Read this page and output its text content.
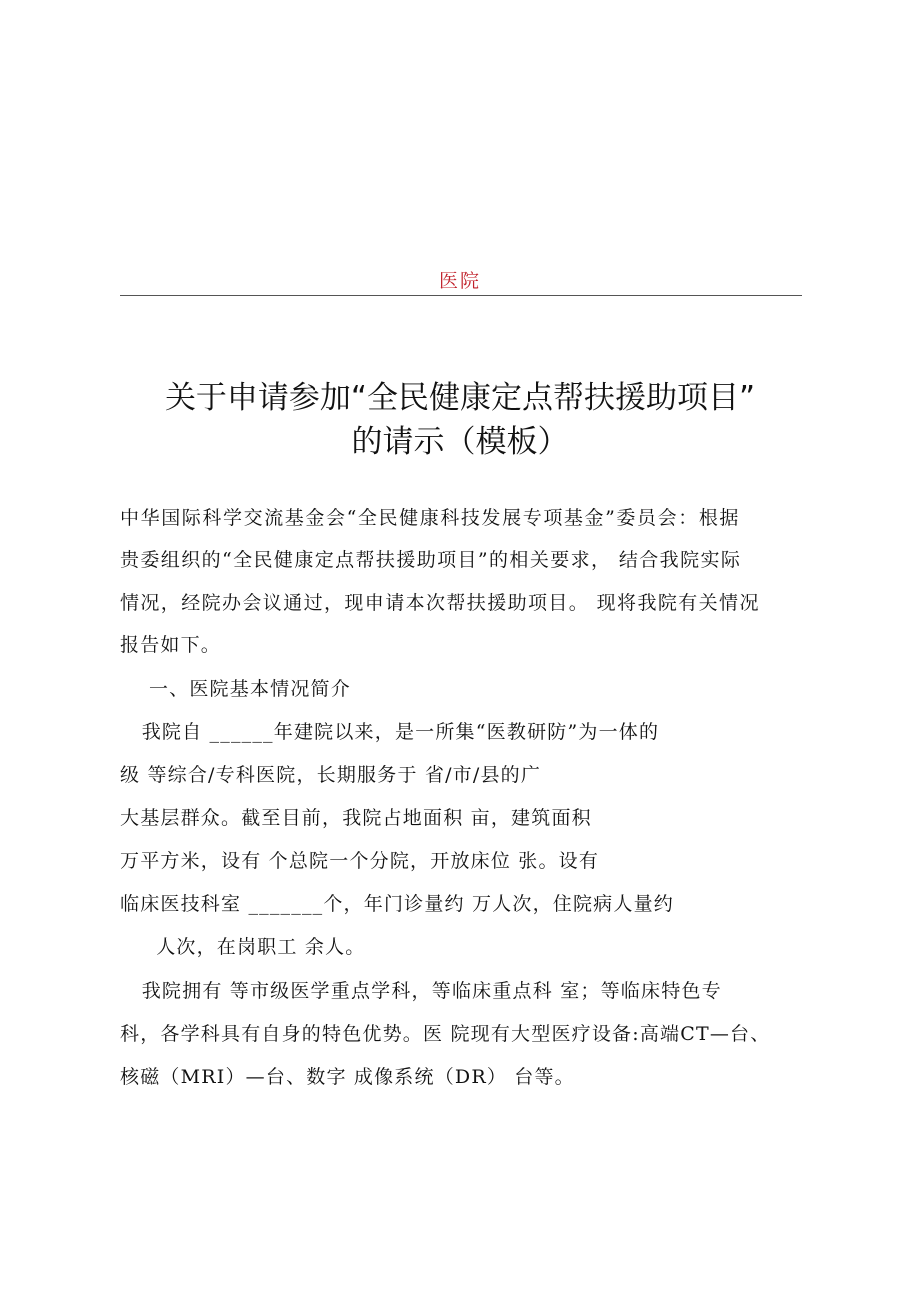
医院
关于申请参加“全民健康定点帮扶援助项目”
的请示（模板）
中华国际科学交流基金会“全民健康科技发展专项基金”委员会：根据
贵委组织的“全民健康定点帮扶援助项目”的相关要求， 结合我院实际
情况，经院办会议通过，现申请本次帮扶援助项目。 现将我院有关情况
报告如下。
一、医院基本情况简介
我院自 ______年建院以来，是一所集“医教研防”为一体的
级 等综合/专科医院，长期服务于 省/市/县的广
大基层群众。截至目前，我院占地面积 亩，建筑面积
万平方米，设有 个总院一个分院，开放床位 张。设有
临床医技科室 _______个，年门诊量约 万人次，住院病人量约
人次，在岗职工 余人。
我院拥有 等市级医学重点学科，等临床重点科 室；等临床特色专
科，各学科具有自身的特色优势。医 院现有大型医疗设备:高端CT—台、
核磁（MRI）—台、数字 成像系统（DR） 台等。
